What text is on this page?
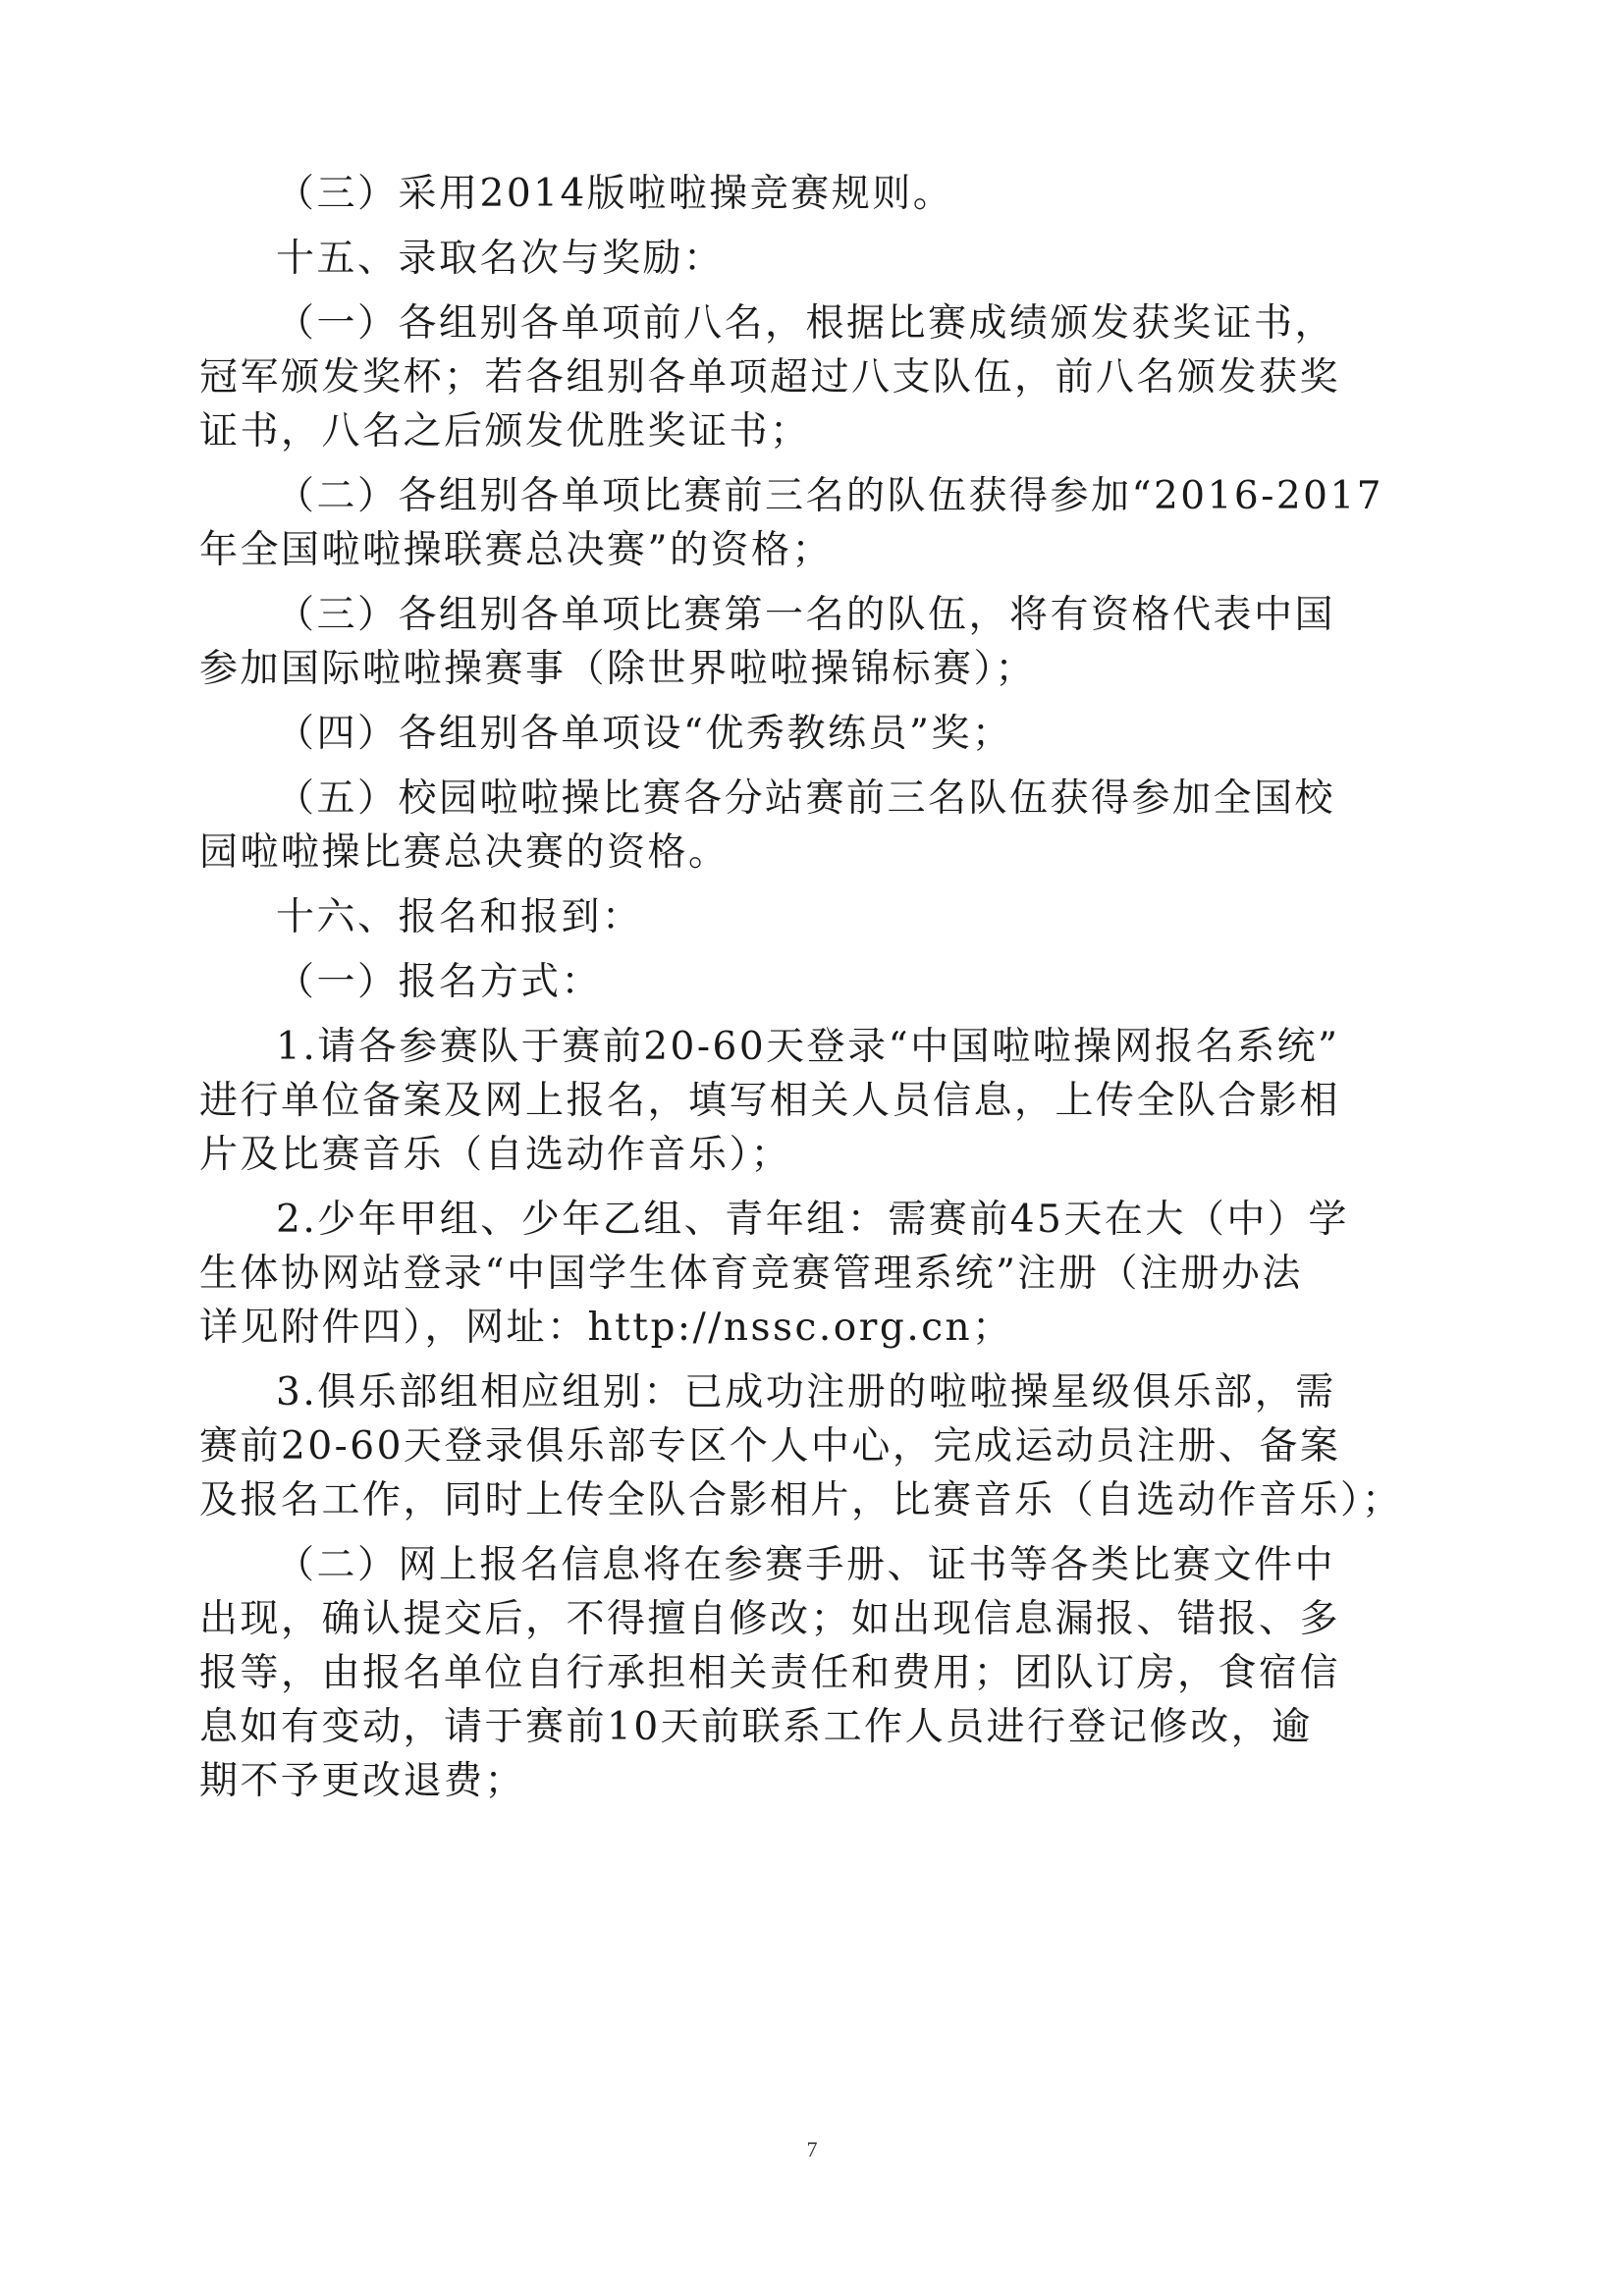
（三）采用2014版啦啦操竞赛规则。

十五、录取名次与奖励：

（一）各组别各单项前八名，根据比赛成绩颁发获奖证书，
冠军颁发奖杯；若各组别各单项超过八支队伍，前八名颁发获奖
证书，八名之后颁发优胜奖证书；

（二）各组别各单项比赛前三名的队伍获得参加“2016-2017
年全国啦啦操联赛总决赛”的资格；

（三）各组别各单项比赛第一名的队伍，将有资格代表中国
参加国际啦啦操赛事（除世界啦啦操锦标赛）；

（四）各组别各单项设“优秀教练员”奖；

（五）校园啦啦操比赛各分站赛前三名队伍获得参加全国校
园啦啦操比赛总决赛的资格。

十六、报名和报到：

（一）报名方式：

1.请各参赛队于赛前20-60天登录“中国啦啦操网报名系统”
进行单位备案及网上报名，填写相关人员信息，上传全队合影相
片及比赛音乐（自选动作音乐）；

2.少年甲组、少年乙组、青年组：需赛前45天在大（中）学
生体协网站登录“中国学生体育竞赛管理系统”注册（注册办法
详见附件四），网址：http://nssc.org.cn；

3.俱乐部组相应组别：已成功注册的啦啦操星级俱乐部，需
赛前20-60天登录俱乐部专区个人中心，完成运动员注册、备案
及报名工作，同时上传全队合影相片，比赛音乐（自选动作音乐）；

（二）网上报名信息将在参赛手册、证书等各类比赛文件中
出现，确认提交后，不得擅自修改；如出现信息漏报、错报、多
报等，由报名单位自行承担相关责任和费用；团队订房，食宿信
息如有变动，请于赛前10天前联系工作人员进行登记修改，逾
期不予更改退费；

7
